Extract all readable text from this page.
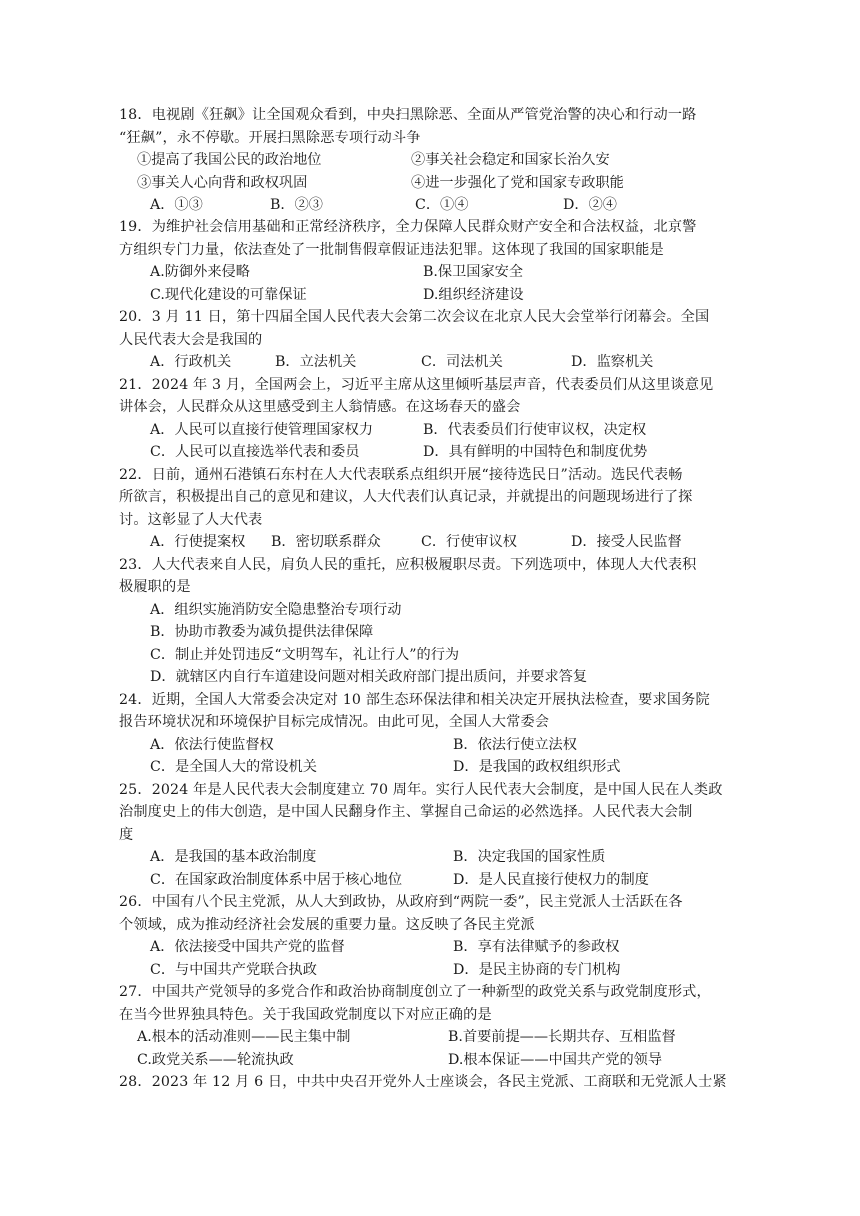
18．电视剧《狂飙》让全国观众看到，中央扫黑除恶、全面从严管党治警的决心和行动一路
“狂飙”，永不停歇。开展扫黑除恶专项行动斗争
①提高了我国公民的政治地位	②事关社会稳定和国家长治久安
③事关人心向背和政权巩固	④进一步强化了党和国家专政职能
A．①③	B．②③	C．①④	D．②④
19．为维护社会信用基础和正常经济秩序，全力保障人民群众财产安全和合法权益，北京警
方组织专门力量，依法查处了一批制售假章假证违法犯罪。这体现了我国的国家职能是
A.防御外来侵略	B.保卫国家安全
C.现代化建设的可靠保证	D.组织经济建设
20．3 月 11 日，第十四届全国人民代表大会第二次会议在北京人民大会堂举行闭幕会。全国
人民代表大会是我国的
A．行政机关	B．立法机关	C．司法机关	D．监察机关
21．2024 年 3 月，全国两会上，习近平主席从这里倾听基层声音，代表委员们从这里谈意见
讲体会，人民群众从这里感受到主人翁情感。在这场春天的盛会
A．人民可以直接行使管理国家权力	B．代表委员们行使审议权，决定权
C．人民可以直接选举代表和委员	D．具有鲜明的中国特色和制度优势
22．日前，通州石港镇石东村在人大代表联系点组织开展“接待选民日”活动。选民代表畅
所欲言，积极提出自己的意见和建议，人大代表们认真记录，并就提出的问题现场进行了探
讨。这彰显了人大代表
A．行使提案权 B．密切联系群众	C．行使审议权	D．接受人民监督
23．人大代表来自人民，肩负人民的重托，应积极履职尽责。下列选项中，体现人大代表积
极履职的是
A．组织实施消防安全隐患整治专项行动
B．协助市教委为减负提供法律保障
C．制止并处罚违反“文明驾车，礼让行人”的行为
D．就辖区内自行车道建设问题对相关政府部门提出质问，并要求答复
24．近期，全国人大常委会决定对 10 部生态环保法律和相关决定开展执法检查，要求国务院
报告环境状况和环境保护目标完成情况。由此可见，全国人大常委会
A．依法行使监督权	B．依法行使立法权
C．是全国人大的常设机关	D．是我国的政权组织形式
25．2024 年是人民代表大会制度建立 70 周年。实行人民代表大会制度，是中国人民在人类政
治制度史上的伟大创造，是中国人民翻身作主、掌握自己命运的必然选择。人民代表大会制
度
A．是我国的基本政治制度	B．决定我国的国家性质
C．在国家政治制度体系中居于核心地位	D．是人民直接行使权力的制度
26．中国有八个民主党派，从人大到政协，从政府到“两院一委”，民主党派人士活跃在各
个领域，成为推动经济社会发展的重要力量。这反映了各民主党派
A．依法接受中国共产党的监督	B．享有法律赋予的参政权
C．与中国共产党联合执政	D．是民主协商的专门机构
27．中国共产党领导的多党合作和政治协商制度创立了一种新型的政党关系与政党制度形式，
在当今世界独具特色。关于我国政党制度以下对应正确的是
A.根本的活动准则——民主集中制	B.首要前提——长期共存、互相监督
C.政党关系——轮流执政	D.根本保证——中国共产党的领导
28．2023 年 12 月 6 日，中共中央召开党外人士座谈会，各民主党派、工商联和无党派人士紧
